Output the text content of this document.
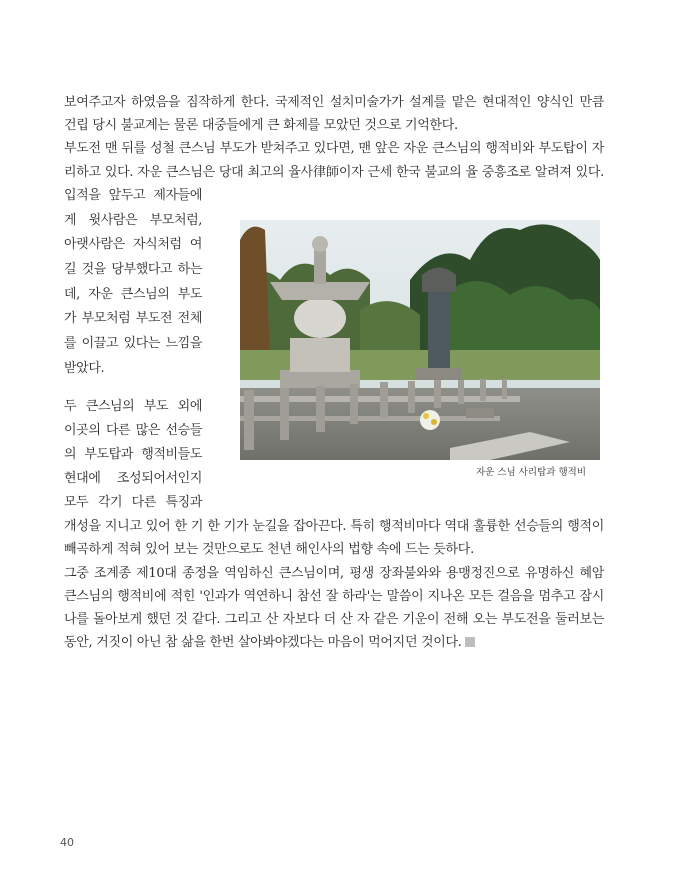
보여주고자 하였음을 짐작하게 한다. 국제적인 설치미술가가 설계를 맡은 현대적인 양식인 만큼
건립 당시 불교계는 물론 대중들에게 큰 화제를 모았던 것으로 기억한다.
부도전 맨 뒤를 성철 큰스님 부도가 받쳐주고 있다면, 맨 앞은 자운 큰스님의 행적비와 부도탑이 자
리하고 있다. 자운 큰스님은 당대 최고의 율사律師이자 근세 한국 불교의 율 중흥조로 알려져 있다.
입적을 앞두고 제자들에
게 윗사람은 부모처럼,
아랫사람은 자식처럼 여
길 것을 당부했다고 하는
데, 자운 큰스님의 부도
가 부모처럼 부도전 전체
를 이끌고 있다는 느낌을
받았다.
두 큰스님의 부도 외에
이곳의 다른 많은 선승들
의 부도탑과 행적비들도
현대에 조성되어서인지
모두 각기 다른 특징과
자운 스님 사리탑과 행적비
개성을 지니고 있어 한 기 한 기가 눈길을 잡아끈다. 특히 행적비마다 역대 훌륭한 선승들의 행적이
빼곡하게 적혀 있어 보는 것만으로도 천년 해인사의 법향 속에 드는 듯하다.
그중 조계종 제10대 종정을 역임하신 큰스님이며, 평생 장좌불와와 용맹정진으로 유명하신 혜암
큰스님의 행적비에 적힌 '인과가 역연하니 참선 잘 하라'는 말씀이 지나온 모든 걸음을 멈추고 잠시
나를 돌아보게 했던 것 같다. 그리고 산 자보다 더 산 자 같은 기운이 전해 오는 부도전을 둘러보는
동안, 거짓이 아닌 참 삶을 한번 살아봐야겠다는 마음이 먹어지던 것이다.
40
